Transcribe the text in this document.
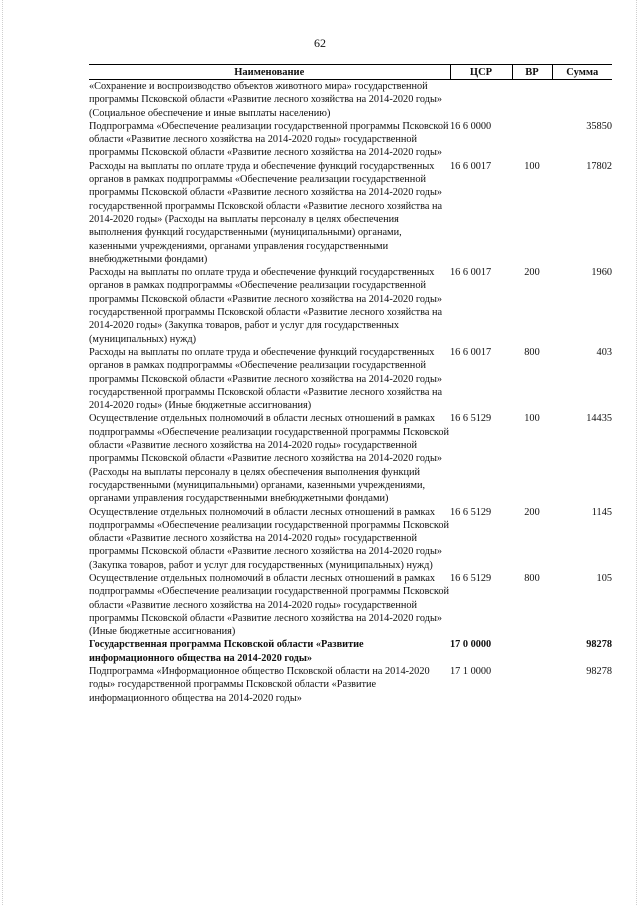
62
Наименование	ЦСР	ВР	Сумма
«Сохранение и воспроизводство объектов животного мира» государственной программы Псковской области «Развитие лесного хозяйства на 2014-2020 годы» (Социальное обеспечение и иные выплаты населению)			
Подпрограмма «Обеспечение реализации государственной программы Псковской области «Развитие лесного хозяйства на 2014-2020 годы» государственной программы Псковской области «Развитие лесного хозяйства на 2014-2020 годы»	16 6 0000		35850
Расходы на выплаты по оплате труда и обеспечение функций государственных органов в рамках подпрограммы «Обеспечение реализации государственной программы Псковской области «Развитие лесного хозяйства на 2014-2020 годы» государственной программы Псковской области «Развитие лесного хозяйства на 2014-2020 годы» (Расходы на выплаты персоналу в целях обеспечения выполнения функций государственными (муниципальными) органами, казенными учреждениями, органами управления государственными внебюджетными фондами)	16 6 0017	100	17802
Расходы на выплаты по оплате труда и обеспечение функций государственных органов в рамках подпрограммы «Обеспечение реализации государственной программы Псковской области «Развитие лесного хозяйства на 2014-2020 годы» государственной программы Псковской области «Развитие лесного хозяйства на 2014-2020 годы» (Закупка товаров, работ и услуг для государственных (муниципальных) нужд)	16 6 0017	200	1960
Расходы на выплаты по оплате труда и обеспечение функций государственных органов в рамках подпрограммы «Обеспечение реализации государственной программы Псковской области «Развитие лесного хозяйства на 2014-2020 годы» государственной программы Псковской области «Развитие лесного хозяйства на 2014-2020 годы» (Иные бюджетные ассигнования)	16 6 0017	800	403
Осуществление отдельных полномочий в области лесных отношений в рамках подпрограммы «Обеспечение реализации государственной программы Псковской области «Развитие лесного хозяйства на 2014-2020 годы» государственной программы Псковской области «Развитие лесного хозяйства на 2014-2020 годы» (Расходы на выплаты персоналу в целях обеспечения выполнения функций государственными (муниципальными) органами, казенными учреждениями, органами управления государственными внебюджетными фондами)	16 6 5129	100	14435
Осуществление отдельных полномочий в области лесных отношений в рамках подпрограммы «Обеспечение реализации государственной программы Псковской области «Развитие лесного хозяйства на 2014-2020 годы» государственной программы Псковской области «Развитие лесного хозяйства на 2014-2020 годы» (Закупка товаров, работ и услуг для государственных (муниципальных) нужд)	16 6 5129	200	1145
Осуществление отдельных полномочий в области лесных отношений в рамках подпрограммы «Обеспечение реализации государственной программы Псковской области «Развитие лесного хозяйства на 2014-2020 годы» государственной программы Псковской области «Развитие лесного хозяйства на 2014-2020 годы» (Иные бюджетные ассигнования)	16 6 5129	800	105
Государственная программа Псковской области «Развитие информационного общества на 2014-2020 годы»	17 0 0000		98278
Подпрограмма «Информационное общество Псковской области на 2014-2020 годы» государственной программы Псковской области «Развитие информационного общества на 2014-2020 годы»	17 1 0000		98278
